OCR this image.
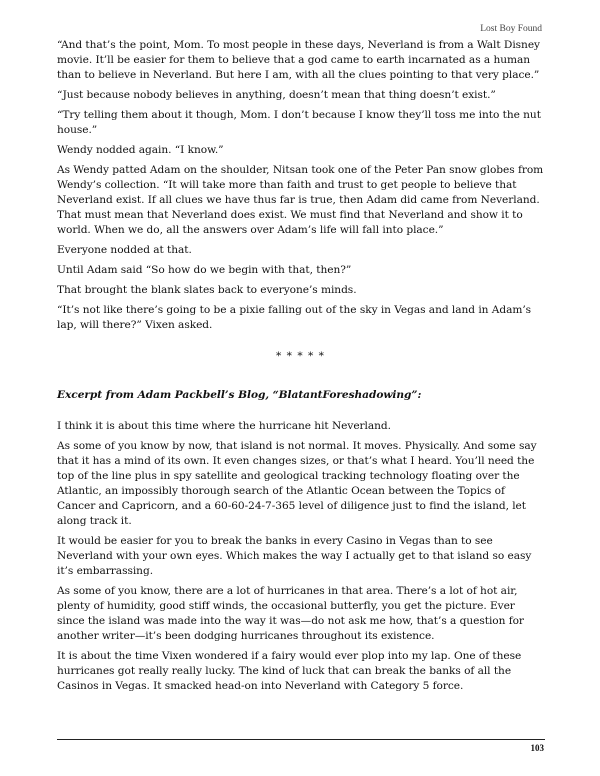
Lost Boy Found

“And that’s the point, Mom. To most people in these days, Neverland is from a Walt Disney movie. It’ll be easier for them to believe that a god came to earth incarnated as a human than to believe in Neverland. But here I am, with all the clues pointing to that very place.”

“Just because nobody believes in anything, doesn’t mean that thing doesn’t exist.”

“Try telling them about it though, Mom. I don’t because I know they’ll toss me into the nut house.”

Wendy nodded again. “I know.”

As Wendy patted Adam on the shoulder, Nitsan took one of the Peter Pan snow globes from Wendy’s collection. “It will take more than faith and trust to get people to believe that Neverland exist. If all clues we have thus far is true, then Adam did came from Neverland. That must mean that Neverland does exist. We must find that Neverland and show it to world. When we do, all the answers over Adam’s life will fall into place.”

Everyone nodded at that.

Until Adam said “So how do we begin with that, then?”

That brought the blank slates back to everyone’s minds.

“It’s not like there’s going to be a pixie falling out of the sky in Vegas and land in Adam’s lap, will there?” Vixen asked.

* * * * *

Excerpt from Adam Packbell’s Blog, “BlatantForeshadowing”:

I think it is about this time where the hurricane hit Neverland.

As some of you know by now, that island is not normal. It moves. Physically. And some say that it has a mind of its own. It even changes sizes, or that’s what I heard. You’ll need the top of the line plus in spy satellite and geological tracking technology floating over the Atlantic, an impossibly thorough search of the Atlantic Ocean between the Topics of Cancer and Capricorn, and a 60-60-24-7-365 level of diligence just to find the island, let along track it.

It would be easier for you to break the banks in every Casino in Vegas than to see Neverland with your own eyes. Which makes the way I actually get to that island so easy it’s embarrassing.

As some of you know, there are a lot of hurricanes in that area. There’s a lot of hot air, plenty of humidity, good stiff winds, the occasional butterfly, you get the picture. Ever since the island was made into the way it was—do not ask me how, that’s a question for another writer—it’s been dodging hurricanes throughout its existence.

It is about the time Vixen wondered if a fairy would ever plop into my lap. One of these hurricanes got really really lucky. The kind of luck that can break the banks of all the Casinos in Vegas. It smacked head-on into Neverland with Category 5 force.

103
